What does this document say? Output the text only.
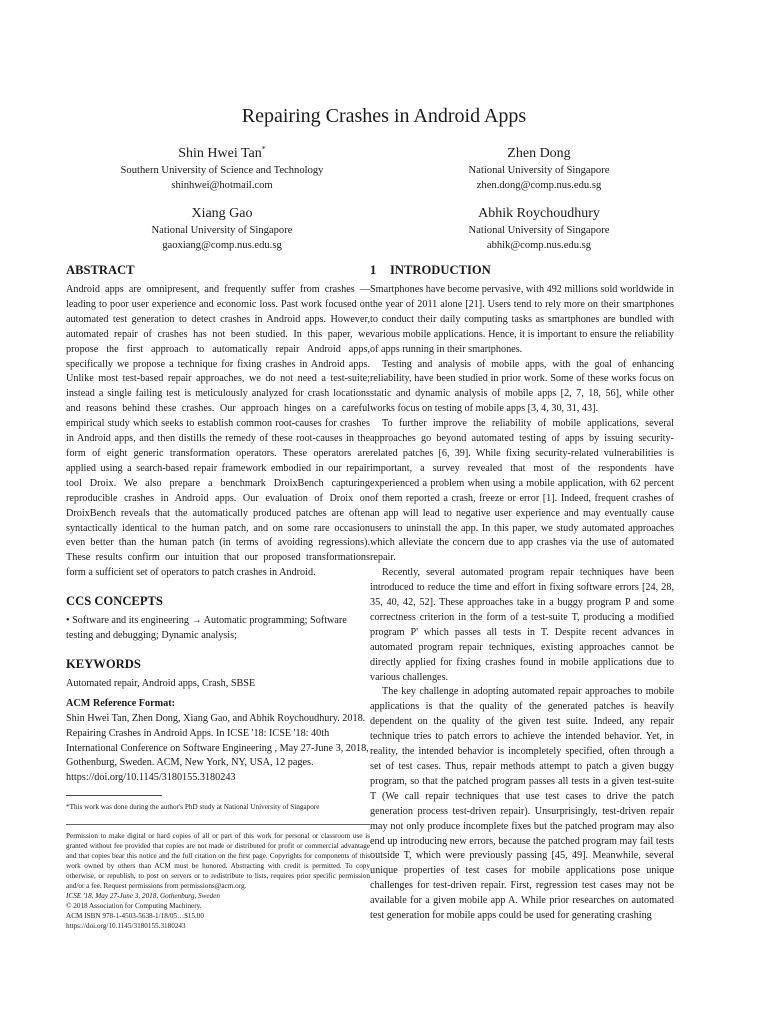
Repairing Crashes in Android Apps
Shin Hwei Tan*
Southern University of Science and Technology
shinhwei@hotmail.com
Zhen Dong
National University of Singapore
zhen.dong@comp.nus.edu.sg
Xiang Gao
National University of Singapore
gaoxiang@comp.nus.edu.sg
Abhik Roychoudhury
National University of Singapore
abhik@comp.nus.edu.sg
ABSTRACT

Android apps are omnipresent, and frequently suffer from crashes — leading to poor user experience and economic loss. Past work focused on automated test generation to detect crashes in Android apps. However, automated repair of crashes has not been studied. In this paper, we propose the first approach to automatically repair Android apps, specifically we propose a technique for fixing crashes in Android apps. Unlike most test-based repair approaches, we do not need a test-suite; instead a single failing test is meticulously analyzed for crash locations and reasons behind these crashes. Our approach hinges on a careful empirical study which seeks to establish common root-causes for crashes in Android apps, and then distills the remedy of these root-causes in the form of eight generic transformation operators. These operators are applied using a search-based repair framework embodied in our repair tool Droix. We also prepare a benchmark DroixBench capturing reproducible crashes in Android apps. Our evaluation of Droix on DroixBench reveals that the automatically produced patches are often syntactically identical to the human patch, and on some rare occasion even better than the human patch (in terms of avoiding regressions). These results confirm our intuition that our proposed transformations form a sufficient set of operators to patch crashes in Android.

CCS CONCEPTS

• Software and its engineering → Automatic programming; Software testing and debugging; Dynamic analysis;

KEYWORDS

Automated repair, Android apps, Crash, SBSE

ACM Reference Format:

Shin Hwei Tan, Zhen Dong, Xiang Gao, and Abhik Roychoudhury. 2018. Repairing Crashes in Android Apps. In ICSE '18: ICSE '18: 40th International Conference on Software Engineering , May 27-June 3, 2018, Gothenburg, Sweden. ACM, New York, NY, USA, 12 pages. https://doi.org/10.1145/3180155.3180243

*This work was done during the author's PhD study at National University of Singapore

Permission to make digital or hard copies of all or part of this work for personal or classroom use is granted without fee provided that copies are not made or distributed for profit or commercial advantage and that copies bear this notice and the full citation on the first page. Copyrights for components of this work owned by others than ACM must be honored. Abstracting with credit is permitted. To copy otherwise, or republish, to post on servers or to redistribute to lists, requires prior specific permission and/or a fee. Request permissions from permissions@acm.org.

ICSE '18, May 27-June 3, 2018, Gothenburg, Sweden

© 2018 Association for Computing Machinery.

ACM ISBN 978-1-4503-5638-1/18/05…$15.00

https://doi.org/10.1145/3180155.3180243

1 INTRODUCTION

Smartphones have become pervasive, with 492 millions sold worldwide in the year of 2011 alone [21]. Users tend to rely more on their smartphones to conduct their daily computing tasks as smartphones are bundled with various mobile applications. Hence, it is important to ensure the reliability of apps running in their smartphones.

Testing and analysis of mobile apps, with the goal of enhancing reliability, have been studied in prior work. Some of these works focus on static and dynamic analysis of mobile apps [2, 7, 18, 56], while other works focus on testing of mobile apps [3, 4, 30, 31, 43].

To further improve the reliability of mobile applications, several approaches go beyond automated testing of apps by issuing security-related patches [6, 39]. While fixing security-related vulnerabilities is important, a survey revealed that most of the respondents have experienced a problem when using a mobile application, with 62 percent of them reported a crash, freeze or error [1]. Indeed, frequent crashes of an app will lead to negative user experience and may eventually cause users to uninstall the app. In this paper, we study automated approaches which alleviate the concern due to app crashes via the use of automated repair.

Recently, several automated program repair techniques have been introduced to reduce the time and effort in fixing software errors [24, 28, 35, 40, 42, 52]. These approaches take in a buggy program P and some correctness criterion in the form of a test-suite T, producing a modified program P' which passes all tests in T. Despite recent advances in automated program repair techniques, existing approaches cannot be directly applied for fixing crashes found in mobile applications due to various challenges.

The key challenge in adopting automated repair approaches to mobile applications is that the quality of the generated patches is heavily dependent on the quality of the given test suite. Indeed, any repair technique tries to patch errors to achieve the intended behavior. Yet, in reality, the intended behavior is incompletely specified, often through a set of test cases. Thus, repair methods attempt to patch a given buggy program, so that the patched program passes all tests in a given test-suite T (We call repair techniques that use test cases to drive the patch generation process test-driven repair). Unsurprisingly, test-driven repair may not only produce incomplete fixes but the patched program may also end up introducing new errors, because the patched program may fail tests outside T, which were previously passing [45, 49]. Meanwhile, several unique properties of test cases for mobile applications pose unique challenges for test-driven repair. First, regression test cases may not be available for a given mobile app A. While prior researches on automated test generation for mobile apps could be used for generating crashing
